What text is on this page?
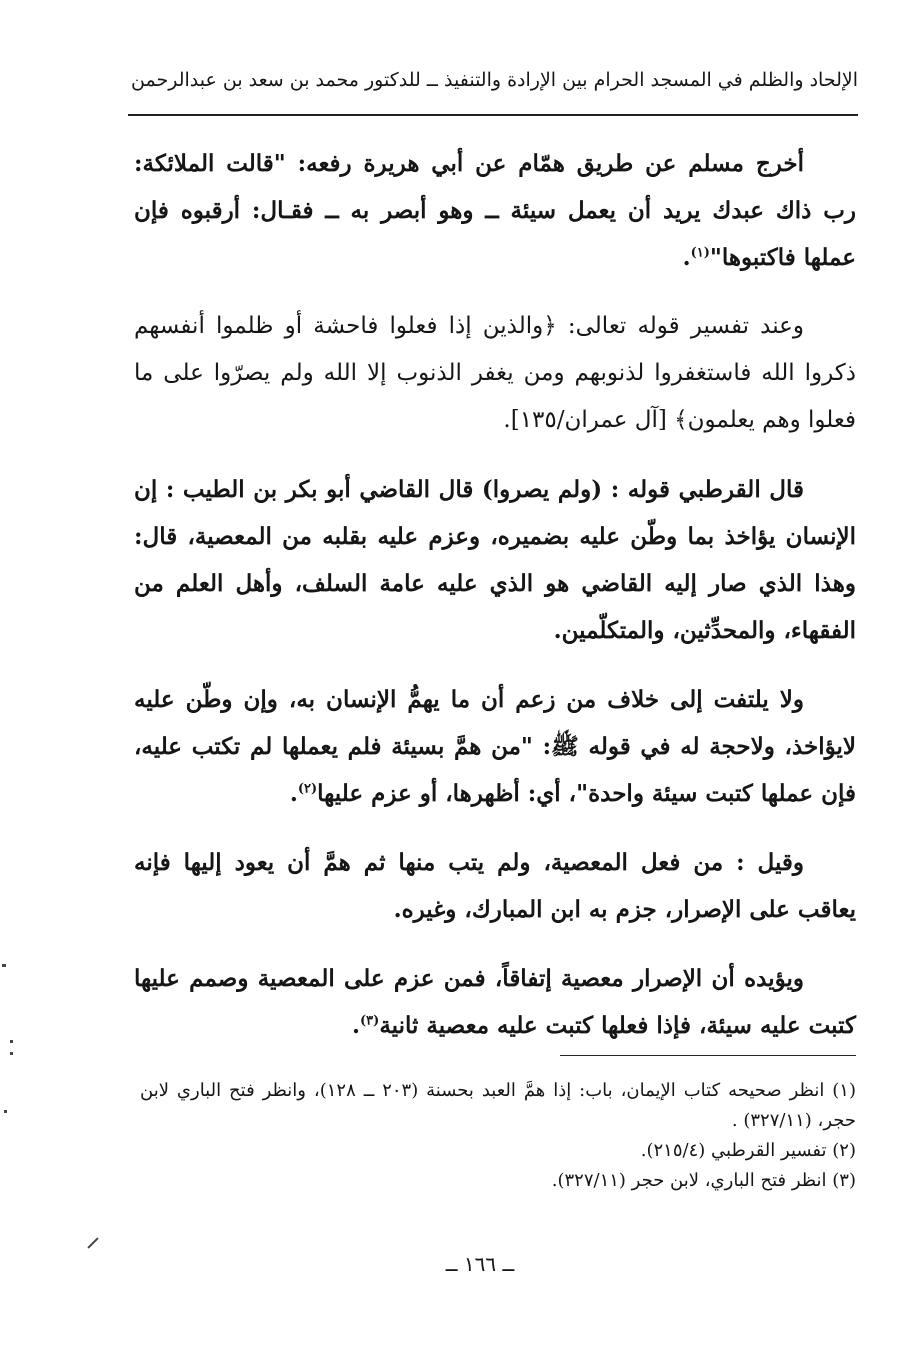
الإلحاد والظلم في المسجد الحرام بين الإرادة والتنفيذ ــ للدكتور محمد بن سعد بن عبدالرحمن

أخرج مسلم عن طريق همّام عن أبي هريرة رفعه: "قالت الملائكة: رب ذاك عبدك يريد أن يعمل سيئة ــ وهو أبصر به ــ فقـال: أرقبوه فإن عملها فاكتبوها"$^{(١)}$.

وعند تفسير قوله تعالى: ﴿والذين إذا فعلوا فاحشة أو ظلموا أنفسهم ذكروا الله فاستغفروا لذنوبهم ومن يغفر الذنوب إلا الله ولم يصرّوا على ما فعلوا وهم يعلمون﴾ [آل عمران/١٣٥].

قال القرطبي قوله : (ولم يصروا) قال القاضي أبو بكر بن الطيب : إن الإنسان يؤاخذ بما وطّن عليه بضميره، وعزم عليه بقلبه من المعصية، قال: وهذا الذي صار إليه القاضي هو الذي عليه عامة السلف، وأهل العلم من الفقهاء، والمحدِّثين، والمتكلّمين.

ولا يلتفت إلى خلاف من زعم أن ما يهمُّ الإنسان به، وإن وطّن عليه لايؤاخذ، ولاحجة له في قوله ﷺ: "من همَّ بسيئة فلم يعملها لم تكتب عليه، فإن عملها كتبت سيئة واحدة"، أي: أظهرها، أو عزم عليها$^{(٢)}$.

وقيل : من فعل المعصية، ولم يتب منها ثم همَّ أن يعود إليها فإنه يعاقب على الإصرار، جزم به ابن المبارك، وغيره.

ويؤيده أن الإصرار معصية إتفاقاً، فمن عزم على المعصية وصمم عليها كتبت عليه سيئة، فإذا فعلها كتبت عليه معصية ثانية$^{(٣)}$.

(١) انظر صحيحه كتاب الإيمان، باب: إذا همَّ العبد بحسنة (٢٠٣ ــ ١٢٨)، وانظر فتح الباري لابن حجر، (٣٢٧/١١) .

(٢) تفسير القرطبي (٢١٥/٤).

(٣) انظر فتح الباري، لابن حجر (٣٢٧/١١).

ــ ١٦٦ ــ
